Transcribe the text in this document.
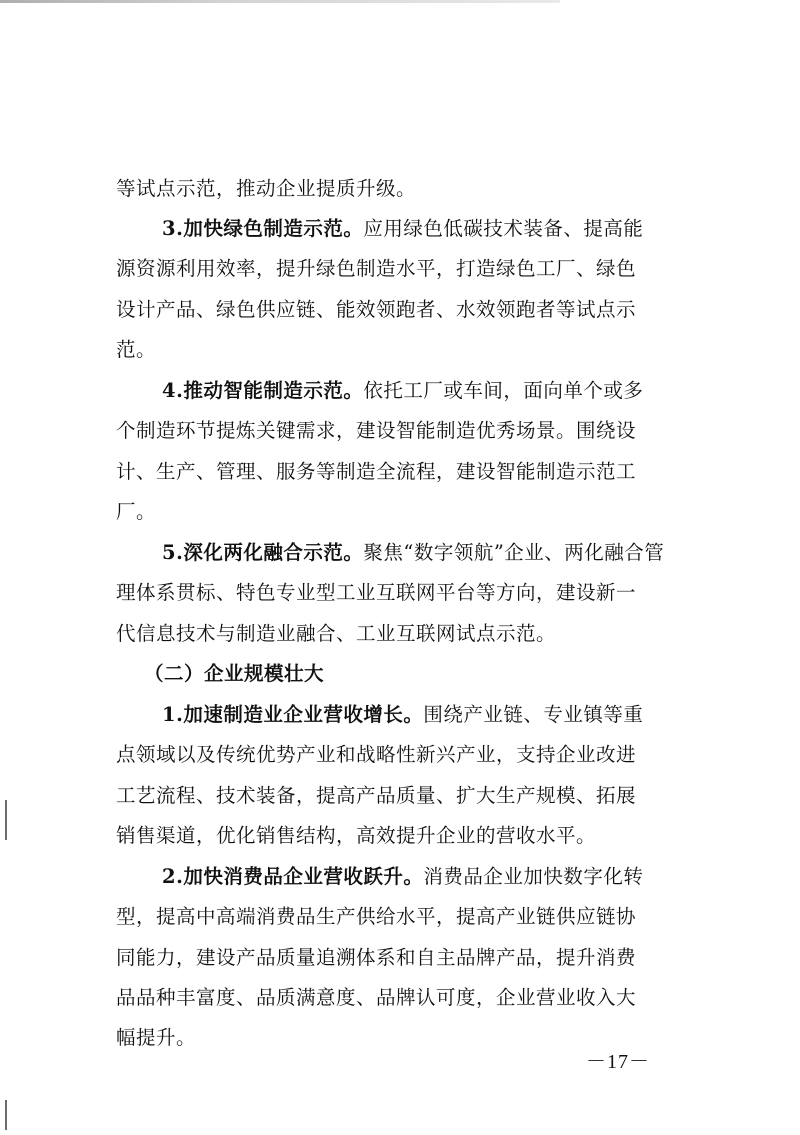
等试点示范，推动企业提质升级。
3.加快绿色制造示范。应用绿色低碳技术装备、提高能
源资源利用效率，提升绿色制造水平，打造绿色工厂、绿色
设计产品、绿色供应链、能效领跑者、水效领跑者等试点示
范。
4.推动智能制造示范。依托工厂或车间，面向单个或多
个制造环节提炼关键需求，建设智能制造优秀场景。围绕设
计、生产、管理、服务等制造全流程，建设智能制造示范工
厂。
5.深化两化融合示范。聚焦“数字领航”企业、两化融合管
理体系贯标、特色专业型工业互联网平台等方向，建设新一
代信息技术与制造业融合、工业互联网试点示范。
（二）企业规模壮大
1.加速制造业企业营收增长。围绕产业链、专业镇等重
点领域以及传统优势产业和战略性新兴产业，支持企业改进
工艺流程、技术装备，提高产品质量、扩大生产规模、拓展
销售渠道，优化销售结构，高效提升企业的营收水平。
2.加快消费品企业营收跃升。消费品企业加快数字化转
型，提高中高端消费品生产供给水平，提高产业链供应链协
同能力，建设产品质量追溯体系和自主品牌产品，提升消费
品品种丰富度、品质满意度、品牌认可度，企业营业收入大
幅提升。
－17－
